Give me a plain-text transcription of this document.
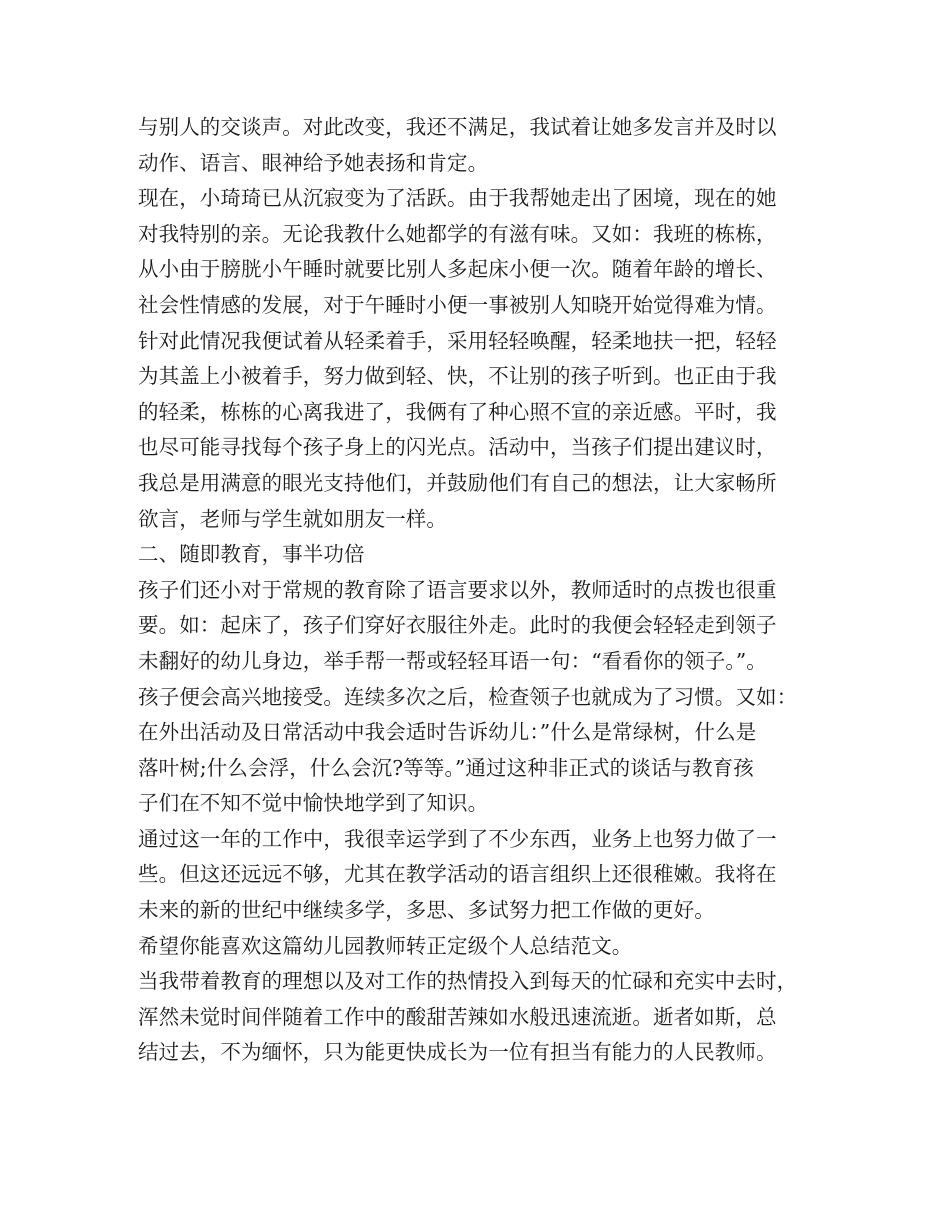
与别人的交谈声。对此改变，我还不满足，我试着让她多发言并及时以
动作、语言、眼神给予她表扬和肯定。
现在，小琦琦已从沉寂变为了活跃。由于我帮她走出了困境，现在的她
对我特别的亲。无论我教什么她都学的有滋有味。又如：我班的栋栋，
从小由于膀胱小午睡时就要比别人多起床小便一次。随着年龄的增长、
社会性情感的发展，对于午睡时小便一事被别人知晓开始觉得难为情。
针对此情况我便试着从轻柔着手，采用轻轻唤醒，轻柔地扶一把，轻轻
为其盖上小被着手，努力做到轻、快，不让别的孩子听到。也正由于我
的轻柔，栋栋的心离我进了，我俩有了种心照不宣的亲近感。平时，我
也尽可能寻找每个孩子身上的闪光点。活动中，当孩子们提出建议时，
我总是用满意的眼光支持他们，并鼓励他们有自己的想法，让大家畅所
欲言，老师与学生就如朋友一样。
二、随即教育，事半功倍
孩子们还小对于常规的教育除了语言要求以外，教师适时的点拨也很重
要。如：起床了，孩子们穿好衣服往外走。此时的我便会轻轻走到领子
未翻好的幼儿身边，举手帮一帮或轻轻耳语一句：“看看你的领子。”。
孩子便会高兴地接受。连续多次之后，检查领子也就成为了习惯。又如：
在外出活动及日常活动中我会适时告诉幼儿：”什么是常绿树，什么是
落叶树;什么会浮，什么会沉?等等。”通过这种非正式的谈话与教育孩
子们在不知不觉中愉快地学到了知识。
通过这一年的工作中，我很幸运学到了不少东西，业务上也努力做了一
些。但这还远远不够，尤其在教学活动的语言组织上还很稚嫩。我将在
未来的新的世纪中继续多学，多思、多试努力把工作做的更好。
希望你能喜欢这篇幼儿园教师转正定级个人总结范文。
当我带着教育的理想以及对工作的热情投入到每天的忙碌和充实中去时，
浑然未觉时间伴随着工作中的酸甜苦辣如水般迅速流逝。逝者如斯，总
结过去，不为缅怀，只为能更快成长为一位有担当有能力的人民教师。
